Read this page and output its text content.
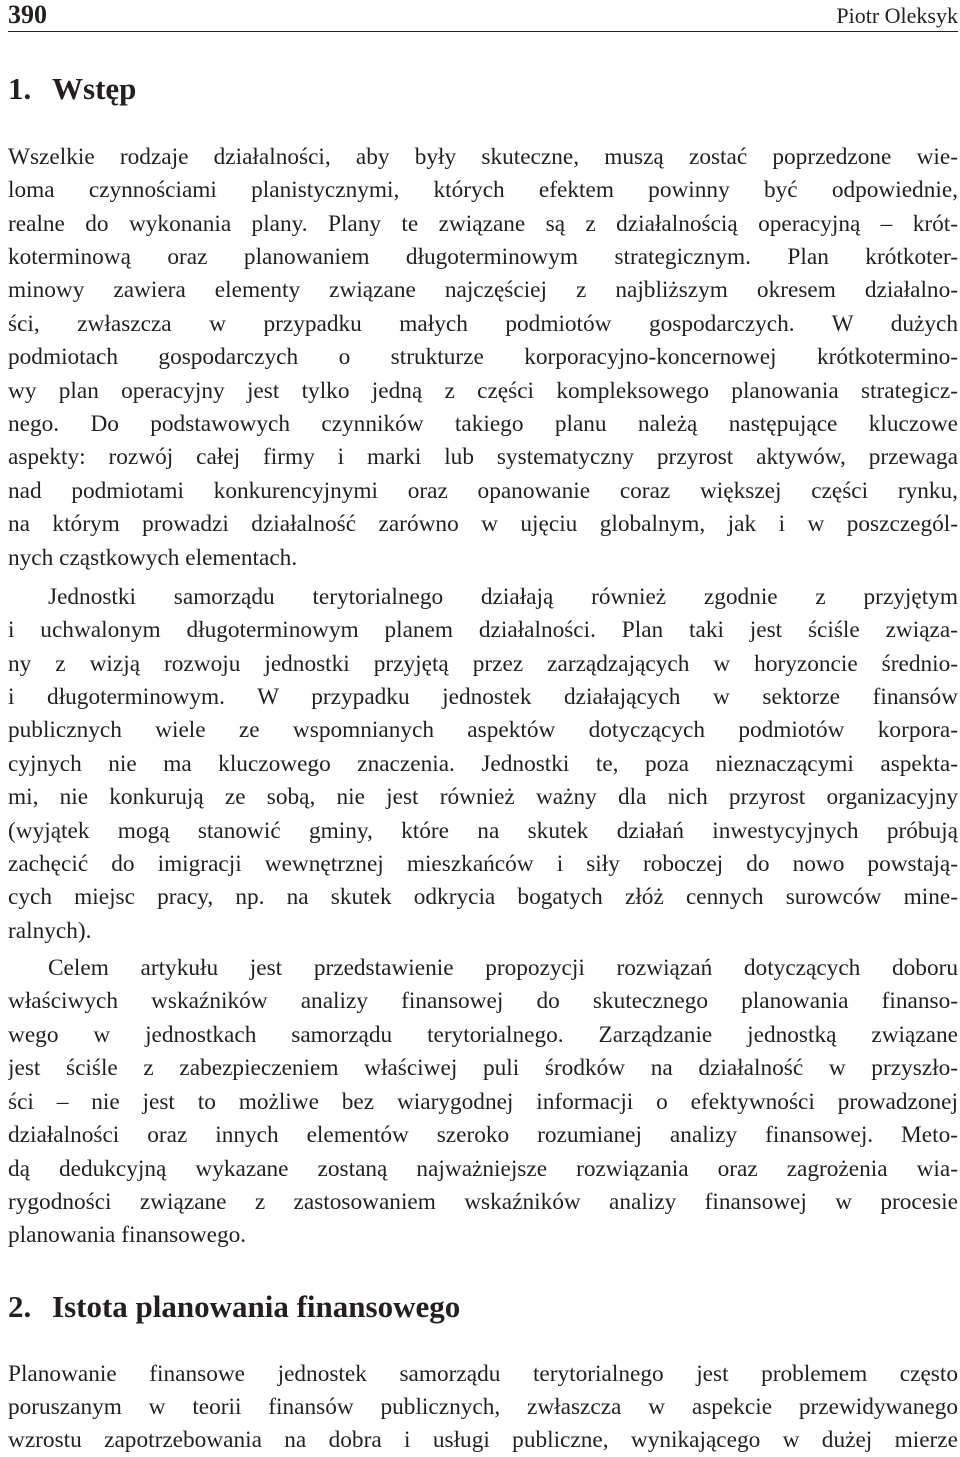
390	Piotr Oleksyk
1. Wstęp
Wszelkie rodzaje działalności, aby były skuteczne, muszą zostać poprzedzone wie-
loma czynnościami planistycznymi, których efektem powinny być odpowiednie,
realne do wykonania plany. Plany te związane są z działalnością operacyjną – krót-
koterminową oraz planowaniem długoterminowym strategicznym. Plan krótkoter-
minowy zawiera elementy związane najczęściej z najbliższym okresem działalno-
ści, zwłaszcza w przypadku małych podmiotów gospodarczych. W dużych
podmiotach gospodarczych o strukturze korporacyjno-koncernowej krótkotermino-
wy plan operacyjny jest tylko jedną z części kompleksowego planowania strategicz-
nego. Do podstawowych czynników takiego planu należą następujące kluczowe
aspekty: rozwój całej firmy i marki lub systematyczny przyrost aktywów, przewaga
nad podmiotami konkurencyjnymi oraz opanowanie coraz większej części rynku,
na którym prowadzi działalność zarówno w ujęciu globalnym, jak i w poszczegól-
nych cząstkowych elementach.
Jednostki samorządu terytorialnego działają również zgodnie z przyjętym
i uchwalonym długoterminowym planem działalności. Plan taki jest ściśle związa-
ny z wizją rozwoju jednostki przyjętą przez zarządzających w horyzoncie średnio-
i długoterminowym. W przypadku jednostek działających w sektorze finansów
publicznych wiele ze wspomnianych aspektów dotyczących podmiotów korpora-
cyjnych nie ma kluczowego znaczenia. Jednostki te, poza nieznaczącymi aspekta-
mi, nie konkurują ze sobą, nie jest również ważny dla nich przyrost organizacyjny
(wyjątek mogą stanowić gminy, które na skutek działań inwestycyjnych próbują
zachęcić do imigracji wewnętrznej mieszkańców i siły roboczej do nowo powstają-
cych miejsc pracy, np. na skutek odkrycia bogatych złóż cennych surowców mine-
ralnych).
Celem artykułu jest przedstawienie propozycji rozwiązań dotyczących doboru
właściwych wskaźników analizy finansowej do skutecznego planowania finanso-
wego w jednostkach samorządu terytorialnego. Zarządzanie jednostką związane
jest ściśle z zabezpieczeniem właściwej puli środków na działalność w przyszło-
ści – nie jest to możliwe bez wiarygodnej informacji o efektywności prowadzonej
działalności oraz innych elementów szeroko rozumianej analizy finansowej. Meto-
dą dedukcyjną wykazane zostaną najważniejsze rozwiązania oraz zagrożenia wia-
rygodności związane z zastosowaniem wskaźników analizy finansowej w procesie
planowania finansowego.
2. Istota planowania finansowego
Planowanie finansowe jednostek samorządu terytorialnego jest problemem często
poruszanym w teorii finansów publicznych, zwłaszcza w aspekcie przewidywanego
wzrostu zapotrzebowania na dobra i usługi publiczne, wynikającego w dużej mierze
